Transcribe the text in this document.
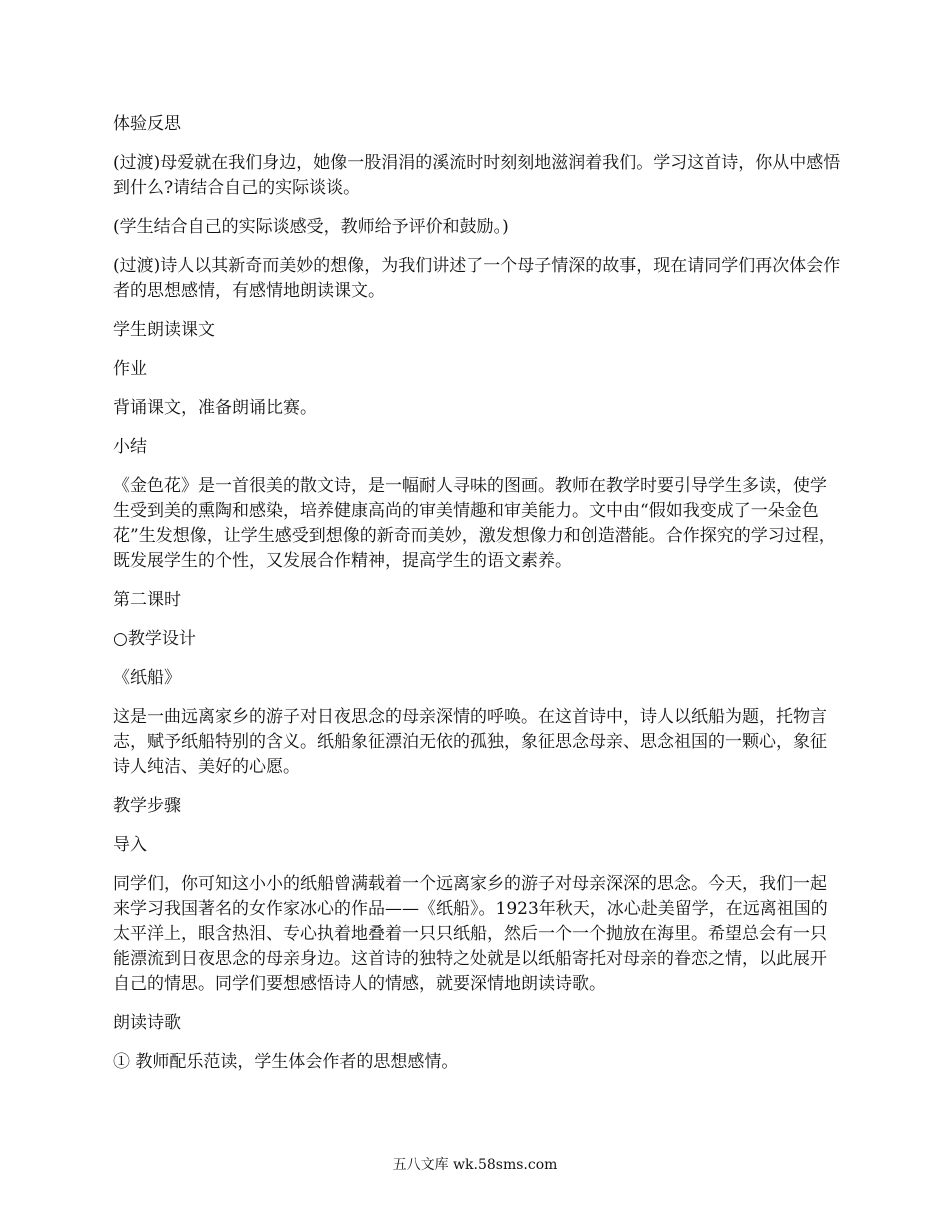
体验反思

(过渡)母爱就在我们身边，她像一股涓涓的溪流时时刻刻地滋润着我们。学习这首诗，你从中感悟到什么?请结合自己的实际谈谈。

(学生结合自己的实际谈感受，教师给予评价和鼓励。)

(过渡)诗人以其新奇而美妙的想像，为我们讲述了一个母子情深的故事，现在请同学们再次体会作者的思想感情，有感情地朗读课文。

学生朗读课文

作业

背诵课文，准备朗诵比赛。

小结

《金色花》是一首很美的散文诗，是一幅耐人寻味的图画。教师在教学时要引导学生多读，使学生受到美的熏陶和感染，培养健康高尚的审美情趣和审美能力。文中由“假如我变成了一朵金色花”生发想像，让学生感受到想像的新奇而美妙，激发想像力和创造潜能。合作探究的学习过程，既发展学生的个性，又发展合作精神，提高学生的语文素养。

第二课时

○教学设计

《纸船》

这是一曲远离家乡的游子对日夜思念的母亲深情的呼唤。在这首诗中，诗人以纸船为题，托物言志，赋予纸船特别的含义。纸船象征漂泊无依的孤独，象征思念母亲、思念祖国的一颗心，象征诗人纯洁、美好的心愿。

教学步骤

导入

同学们，你可知这小小的纸船曾满载着一个远离家乡的游子对母亲深深的思念。今天，我们一起来学习我国著名的女作家冰心的作品——《纸船》。1923年秋天，冰心赴美留学，在远离祖国的太平洋上，眼含热泪、专心执着地叠着一只只纸船，然后一个一个抛放在海里。希望总会有一只能漂流到日夜思念的母亲身边。这首诗的独特之处就是以纸船寄托对母亲的眷恋之情，以此展开自己的情思。同学们要想感悟诗人的情感，就要深情地朗读诗歌。

朗读诗歌

① 教师配乐范读，学生体会作者的思想感情。

五八文库 wk.58sms.com
